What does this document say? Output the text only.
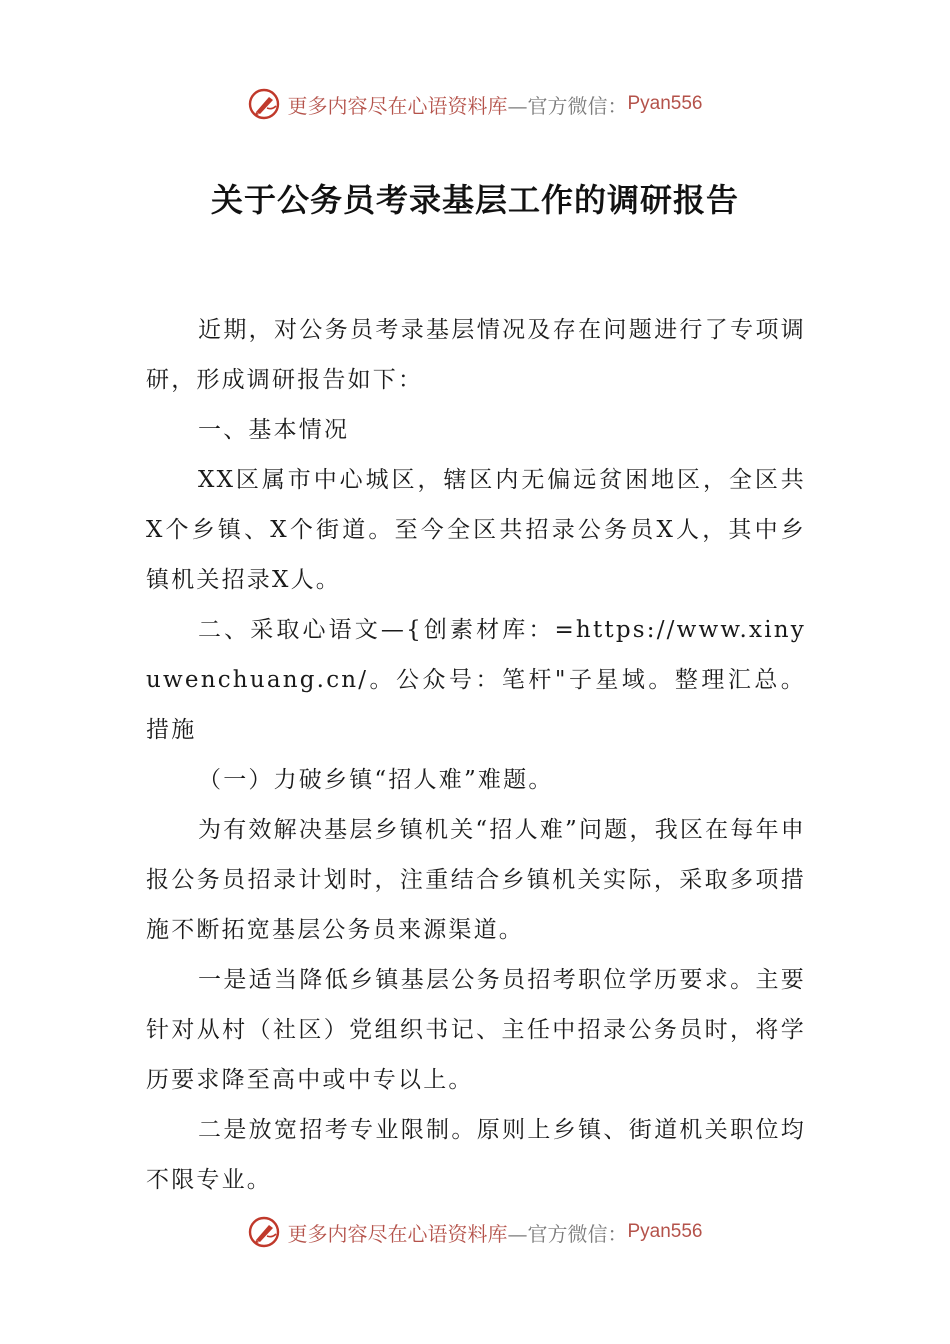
更多内容尽在心语资料库 —官方微信： Pyan556
关于公务员考录基层工作的调研报告

近期，对公务员考录基层情况及存在问题进行了专项调研，形成调研报告如下：

一、基本情况

XX区属市中心城区，辖区内无偏远贫困地区，全区共X个乡镇、X个街道。至今全区共招录公务员X人，其中乡镇机关招录X人。

二、采取心语文—{创素材库：=https://www.xinyuwenchuang.cn/。公众号：笔杆"子星域。整理汇总。措施

（一）力破乡镇“招人难”难题。

为有效解决基层乡镇机关“招人难”问题，我区在每年申报公务员招录计划时，注重结合乡镇机关实际，采取多项措施不断拓宽基层公务员来源渠道。

一是适当降低乡镇基层公务员招考职位学历要求。主要针对从村（社区）党组织书记、主任中招录公务员时，将学历要求降至高中或中专以上。

二是放宽招考专业限制。原则上乡镇、街道机关职位均不限专业。

更多内容尽在心语资料库 —官方微信： Pyan556
